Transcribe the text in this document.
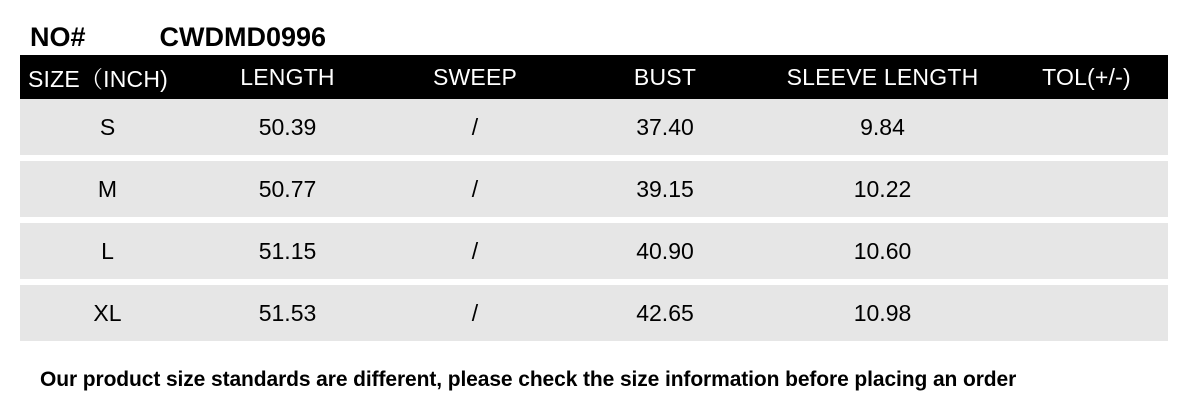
NO#	CWDMD0996
SIZE（INCH)	LENGTH	SWEEP	BUST	SLEEVE LENGTH	TOL(+/-)
S	50.39	/	37.40	9.84	
M	50.77	/	39.15	10.22	
L	51.15	/	40.90	10.60	
XL	51.53	/	42.65	10.98	
Our product size standards are different, please check the size information before placing an order
